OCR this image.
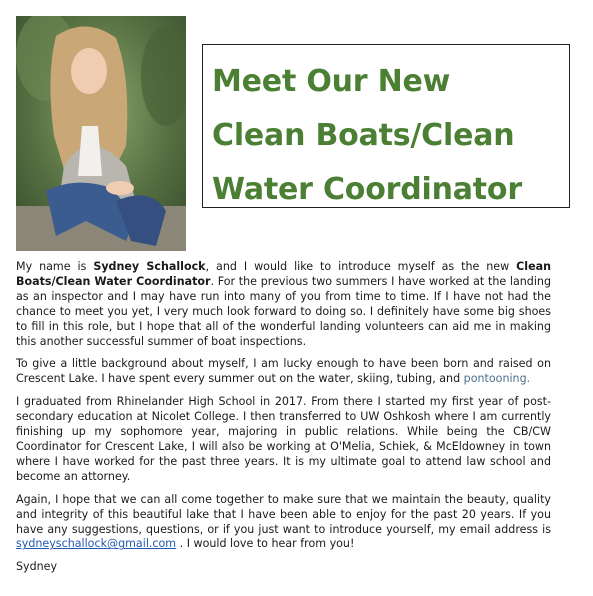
Meet Our New
Clean Boats/Clean
Water Coordinator

My name is Sydney Schallock, and I would like to introduce myself as the new Clean Boats/Clean Water Coordinator. For the previous two summers I have worked at the landing as an inspector and I may have run into many of you from time to time. If I have not had the chance to meet you yet, I very much look forward to doing so. I definitely have some big shoes to fill in this role, but I hope that all of the wonderful landing volunteers can aid me in making this another successful summer of boat inspections.

To give a little background about myself, I am lucky enough to have been born and raised on Crescent Lake. I have spent every summer out on the water, skiing, tubing, and pontooning.

I graduated from Rhinelander High School in 2017. From there I started my first year of post-secondary education at Nicolet College. I then transferred to UW Oshkosh where I am currently finishing up my sophomore year, majoring in public relations. While being the CB/CW Coordinator for Crescent Lake, I will also be working at O'Melia, Schiek, & McEldowney in town where I have worked for the past three years. It is my ultimate goal to attend law school and become an attorney.

Again, I hope that we can all come together to make sure that we maintain the beauty, quality and integrity of this beautiful lake that I have been able to enjoy for the past 20 years. If you have any suggestions, questions, or if you just want to introduce yourself, my email address is sydneyschallock@gmail.com . I would love to hear from you!

Sydney
